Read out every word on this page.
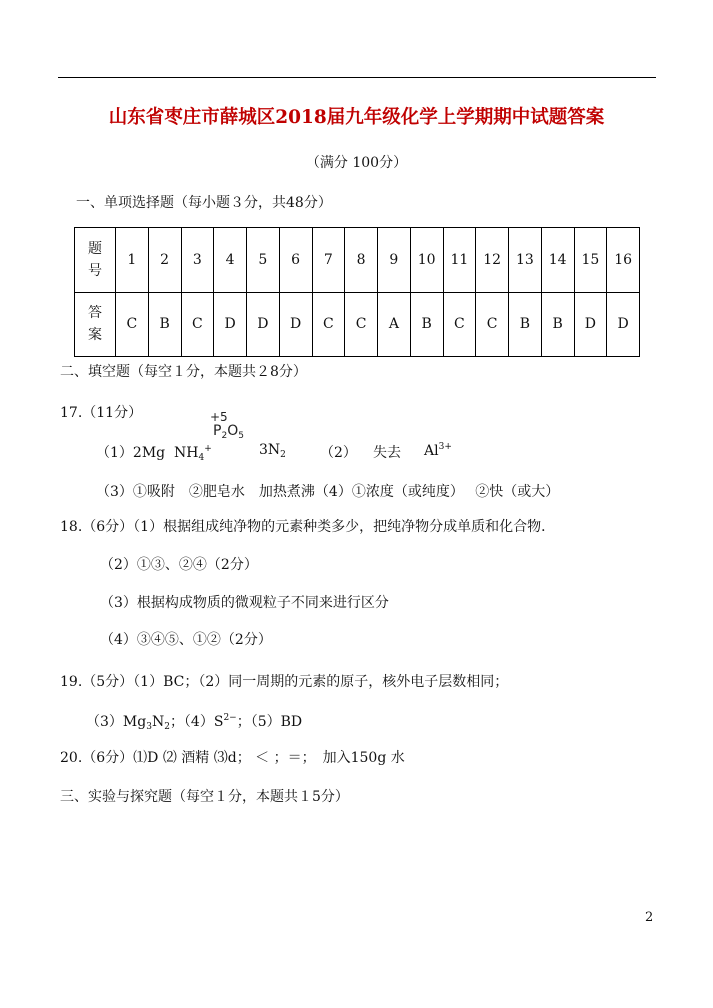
山东省枣庄市薛城区2018届九年级化学上学期期中试题答案
（满分 100分）
一、单项选择题（每小题３分，共48分）
题
号	1	2	3	4	5	6	7	8	9	10	11	12	13	14	15	16
答
案	C	B	C	D	D	D	C	C	A	B	C	C	B	B	D	D
二、填空题（每空１分，本题共２8分）
17.（11分）	+5
$P_2O_5$
（1）2Mg $NH_4^+$	$3N_2$ （2） 失去 $Al^{3+}$
（3）①吸附　②肥皂水　加热煮沸（4）①浓度（或纯度）　 ②快（或大）
18.（6分）（1）根据组成纯净物的元素种类多少，把纯净物分成单质和化合物．
（2）①③、②④（2分）
（3）根据构成物质的微观粒子不同来进行区分
（4）③④⑤、①②（2分）
19.（5分）（1）BC；（2）同一周期的元素的原子，核外电子层数相同；
$(3)Mg_3N_2$；$(4)S^{2-}$；（5）BD
20.（6分）⑴D ⑵ 酒精 ⑶d； ＜ ；＝；　加入150g 水
三、实验与探究题（每空１分，本题共１5分）
2
